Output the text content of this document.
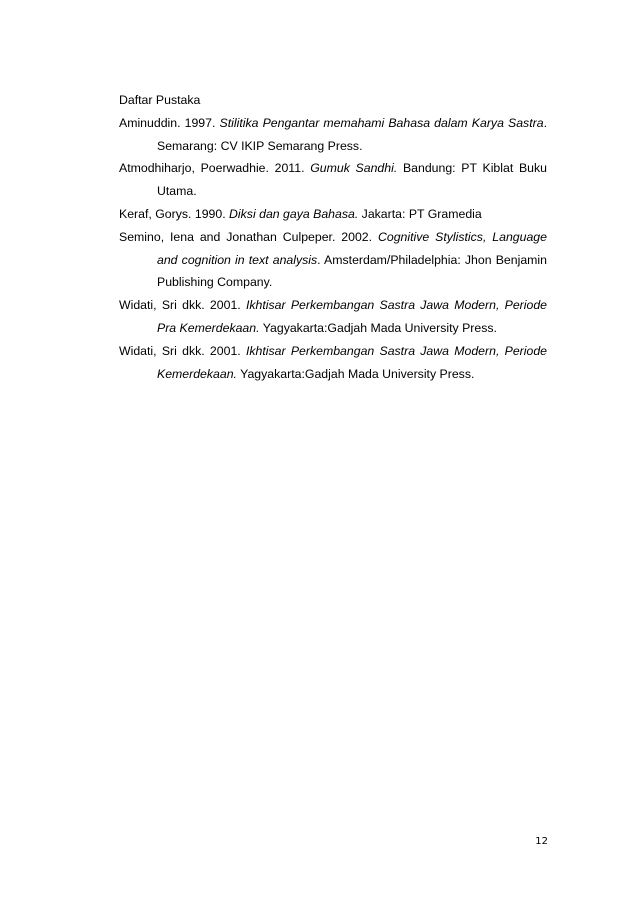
Daftar Pustaka

Aminuddin. 1997. Stilitika Pengantar memahami Bahasa dalam Karya Sastra. Semarang: CV IKIP Semarang Press.

Atmodhiharjo, Poerwadhie. 2011. Gumuk Sandhi. Bandung: PT Kiblat Buku Utama.

Keraf, Gorys. 1990. Diksi dan gaya Bahasa. Jakarta: PT Gramedia

Semino, Iena and Jonathan Culpeper. 2002. Cognitive Stylistics, Language and cognition in text analysis. Amsterdam/Philadelphia: Jhon Benjamin Publishing Company.

Widati, Sri dkk. 2001. Ikhtisar Perkembangan Sastra Jawa Modern, Periode Pra Kemerdekaan. Yagyakarta:Gadjah Mada University Press.

Widati, Sri dkk. 2001. Ikhtisar Perkembangan Sastra Jawa Modern, Periode Kemerdekaan. Yagyakarta:Gadjah Mada University Press.

12
